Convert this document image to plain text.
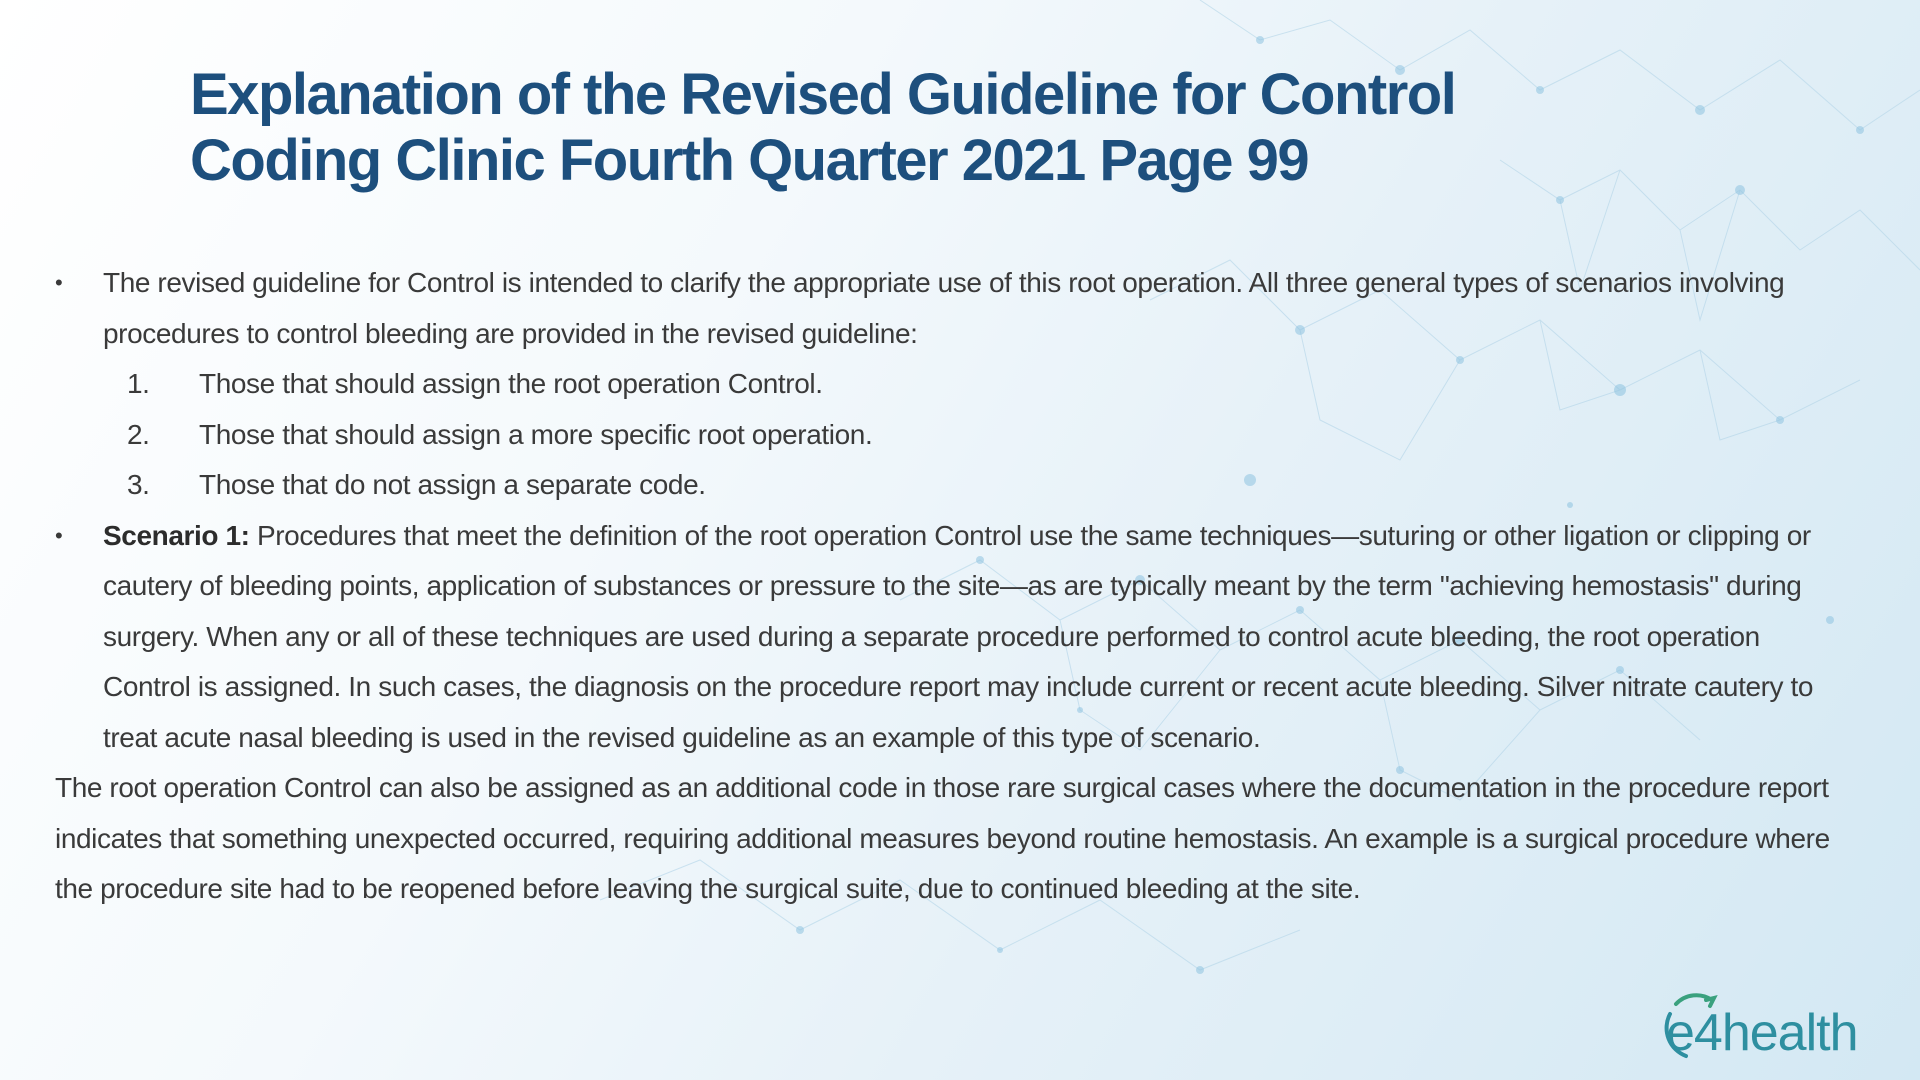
Explanation of the Revised Guideline for Control
Coding Clinic Fourth Quarter 2021 Page 99
•	The revised guideline for Control is intended to clarify the appropriate use of this root operation. All three general types of scenarios involving procedures to control bleeding are provided in the revised guideline:
1. Those that should assign the root operation Control.
2. Those that should assign a more specific root operation.
3. Those that do not assign a separate code.
•	Scenario 1: Procedures that meet the definition of the root operation Control use the same techniques—suturing or other ligation or clipping or cautery of bleeding points, application of substances or pressure to the site—as are typically meant by the term "achieving hemostasis" during surgery. When any or all of these techniques are used during a separate procedure performed to control acute bleeding, the root operation Control is assigned. In such cases, the diagnosis on the procedure report may include current or recent acute bleeding. Silver nitrate cautery to treat acute nasal bleeding is used in the revised guideline as an example of this type of scenario.
The root operation Control can also be assigned as an additional code in those rare surgical cases where the documentation in the procedure report indicates that something unexpected occurred, requiring additional measures beyond routine hemostasis. An example is a surgical procedure where the procedure site had to be reopened before leaving the surgical suite, due to continued bleeding at the site.
e4health
